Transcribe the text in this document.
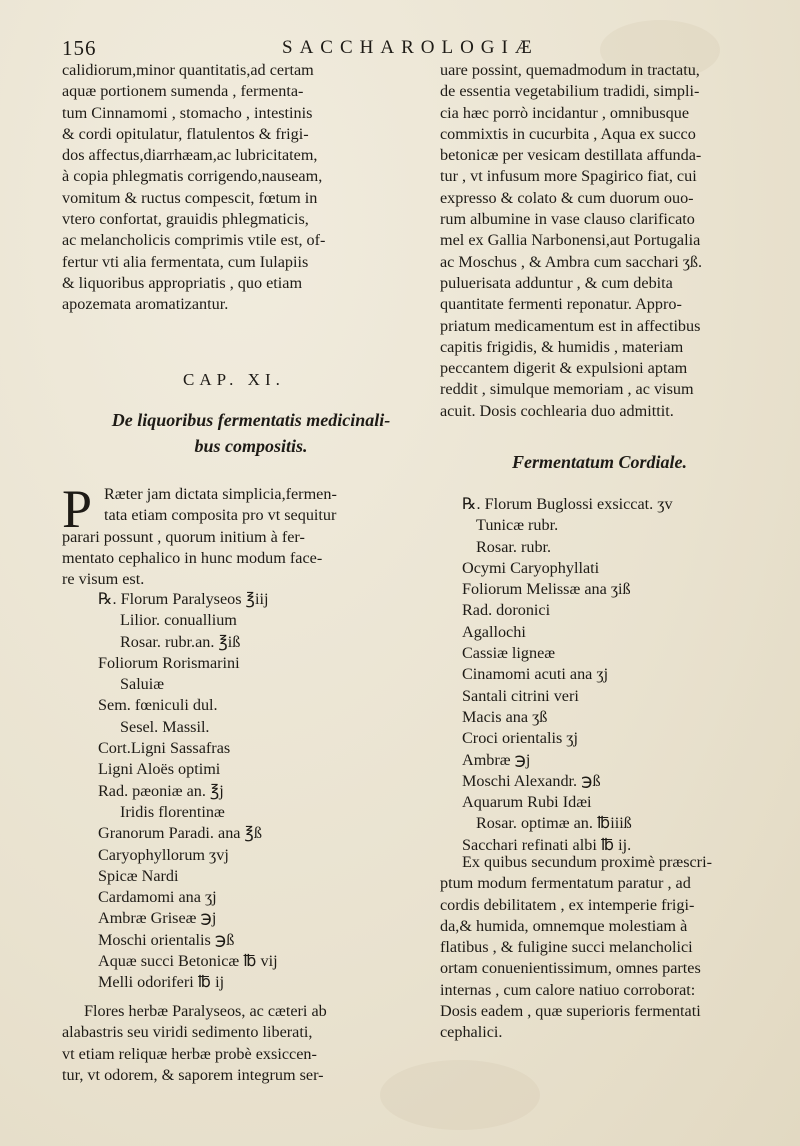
156	SACCHAROLOGIÆ
calidiorum,minor quantitatis,ad certam
aquæ portionem sumenda , fermenta-
tum Cinnamomi , stomacho , intestinis
& cordi opitulatur, flatulentos & frigi-
dos affectus,diarrhæam,ac lubricitatem,
à copia phlegmatis corrigendo,nauseam,
vomitum & ructus compescit, fœtum in
vtero confortat, grauidis phlegmaticis,
ac melancholicis comprimis vtile est, of-
fertur vti alia fermentata, cum Iulapiis
& liquoribus appropriatis , quo etiam
apozemata aromatizantur.
CAP. XI.
De liquoribus fermentatis medicinali-
bus compositis.
P Ræter jam dictata simplicia,fermen-
tata etiam composita pro vt sequitur
parari possunt , quorum initium à fer-
mentato cephalico in hunc modum face-
re visum est.
℞. Florum Paralyseos ℥iij
Lilior. conuallium
Rosar. rubr.an. ℥iß
Foliorum Rorismarini
Saluiæ
Sem. fœniculi dul.
Sesel. Massil.
Cort.Ligni Sassafras
Ligni Aloës optimi
Rad. pæoniæ an. ℥j
Iridis florentinæ
Granorum Paradi. ana ℥ß
Caryophyllorum ʒvj
Spicæ Nardi
Cardamomi ana ʒj
Ambræ Griseæ ℈j
Moschi orientalis ℈ß
Aquæ succi Betonicæ ℔ vij
Melli odoriferi ℔ ij
Flores herbæ Paralyseos, ac cæteri ab
alabastris seu viridi sedimento liberati,
vt etiam reliquæ herbæ probè exsiccen-
tur, vt odorem, & saporem integrum ser-
uare possint, quemadmodum in tractatu,
de essentia vegetabilium tradidi, simpli-
cia hæc porrò incidantur , omnibusque
commixtis in cucurbita , Aqua ex succo
betonicæ per vesicam destillata affunda-
tur , vt infusum more Spagirico fiat, cui
expresso & colato & cum duorum ouo-
rum albumine in vase clauso clarificato
mel ex Gallia Narbonensi,aut Portugalia
ac Moschus , & Ambra cum sacchari ʒß.
puluerisata adduntur , & cum debita
quantitate fermenti reponatur. Appro-
priatum medicamentum est in affectibus
capitis frigidis, & humidis , materiam
peccantem digerit & expulsioni aptam
reddit , simulque memoriam , ac visum
acuit. Dosis cochlearia duo admittit.
Fermentatum Cordiale.
℞. Florum Buglossi exsiccat. ʒv
Tunicæ rubr.
Rosar. rubr.
Ocymi Caryophyllati
Foliorum Melissæ ana ʒiß
Rad. doronici
Agallochi
Cassiæ ligneæ
Cinamomi acuti ana ʒj
Santali citrini veri
Macis ana ʒß
Croci orientalis ʒj
Ambræ ℈j
Moschi Alexandr. ℈ß
Aquarum Rubi Idæi
Rosar. optimæ an. ℔iiiß
Sacchari refinati albi ℔ ij.
Ex quibus secundum proximè præscri-
ptum modum fermentatum paratur , ad
cordis debilitatem , ex intemperie frigi-
da,& humida, omnemque molestiam à
flatibus , & fuligine succi melancholici
ortam conuenientissimum, omnes partes
internas , cum calore natiuo corroborat:
Dosis eadem , quæ superioris fermentati
cephalici.
